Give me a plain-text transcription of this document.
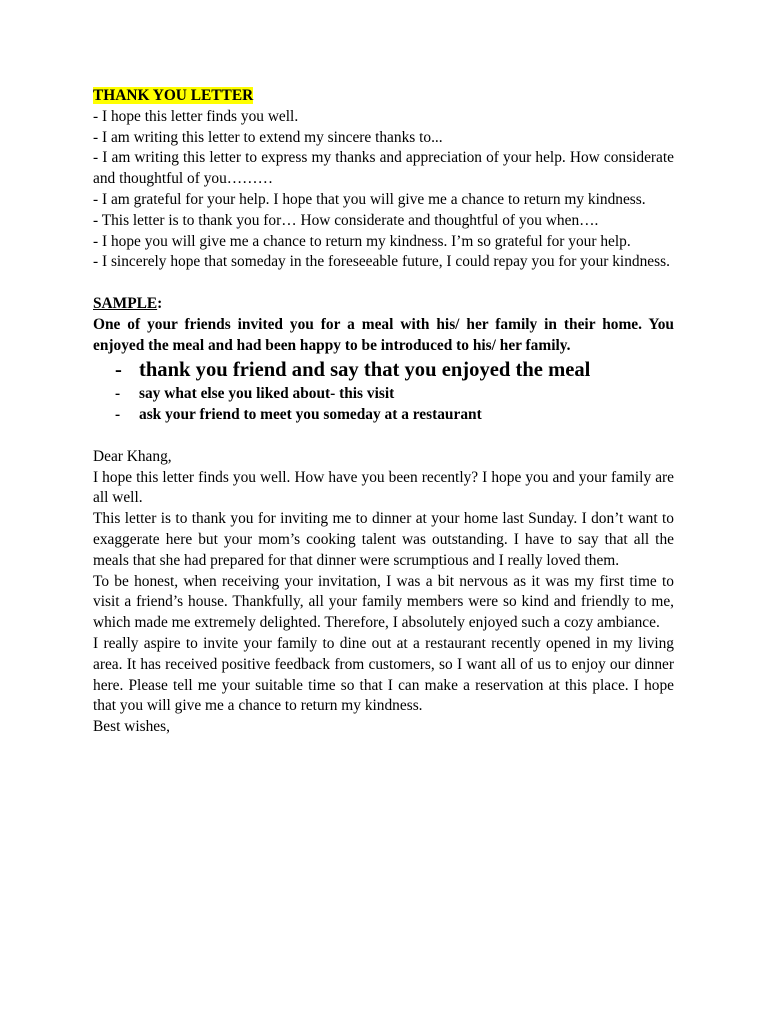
THANK YOU LETTER

- I hope this letter finds you well.

- I am writing this letter to extend my sincere thanks to...

- I am writing this letter to express my thanks and appreciation of your help. How considerate and thoughtful of you………

- I am grateful for your help. I hope that you will give me a chance to return my kindness.

- This letter is to thank you for… How considerate and thoughtful of you when….

- I hope you will give me a chance to return my kindness. I’m so grateful for your help.

- I sincerely hope that someday in the foreseeable future, I could repay you for your kindness.

SAMPLE:

One of your friends invited you for a meal with his/ her family in their home. You enjoyed the meal and had been happy to be introduced to his/ her family.

- thank you friend and say that you enjoyed the meal
- say what else you liked about- this visit
- ask your friend to meet you someday at a restaurant

Dear Khang,

I hope this letter finds you well. How have you been recently? I hope you and your family are all well.

This letter is to thank you for inviting me to dinner at your home last Sunday. I don’t want to exaggerate here but your mom’s cooking talent was outstanding. I have to say that all the meals that she had prepared for that dinner were scrumptious and I really loved them.

To be honest, when receiving your invitation, I was a bit nervous as it was my first time to visit a friend’s house. Thankfully, all your family members were so kind and friendly to me, which made me extremely delighted. Therefore, I absolutely enjoyed such a cozy ambiance.

I really aspire to invite your family to dine out at a restaurant recently opened in my living area. It has received positive feedback from customers, so I want all of us to enjoy our dinner here. Please tell me your suitable time so that I can make a reservation at this place. I hope that you will give me a chance to return my kindness.

Best wishes,
